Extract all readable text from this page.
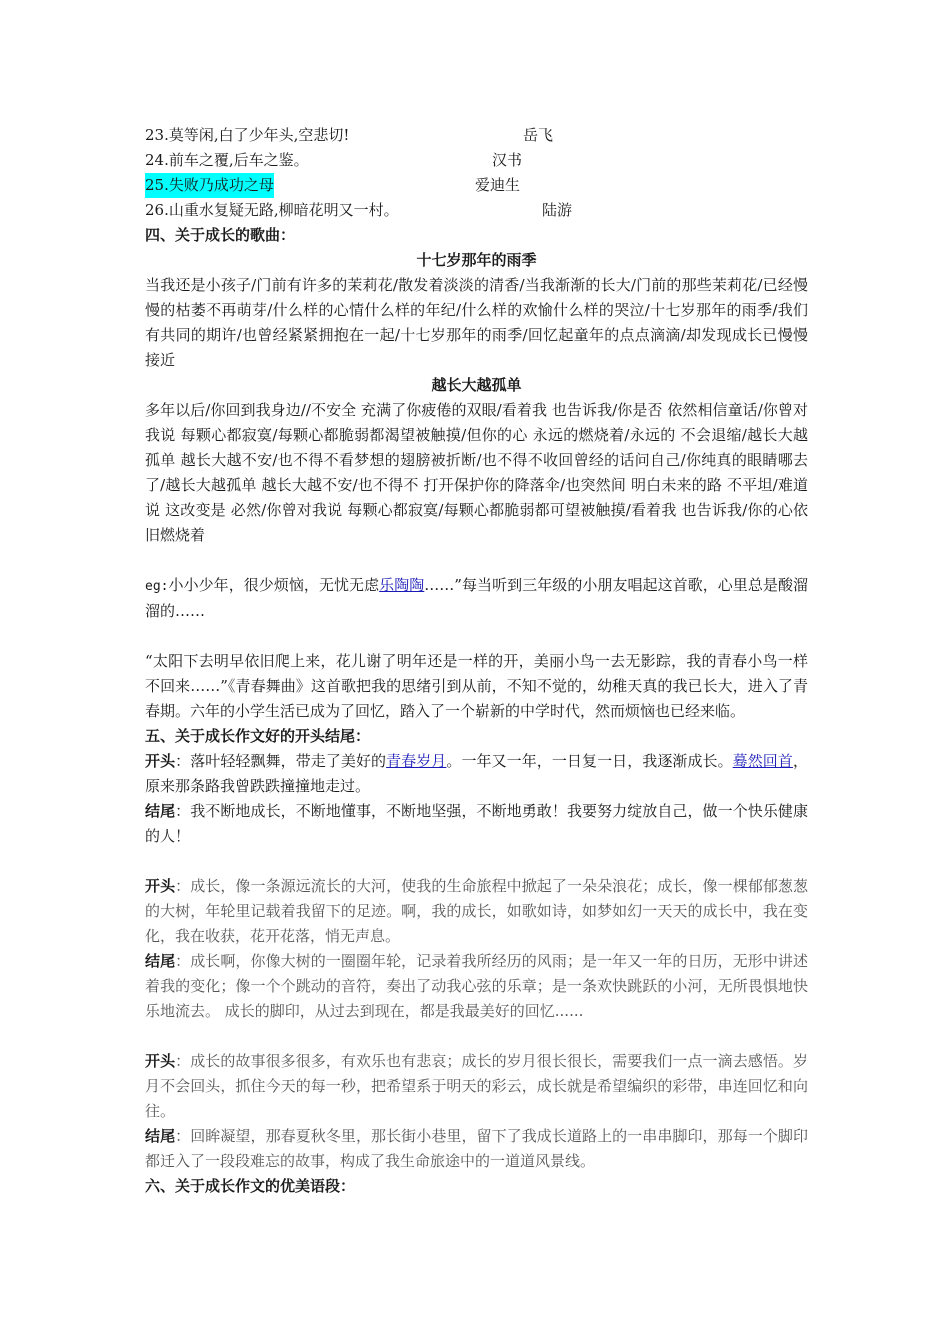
23.莫等闲,白了少年头,空悲切!	岳飞
24.前车之覆,后车之鉴。	汉书
25.失败乃成功之母	爱迪生
26.山重水复疑无路,柳暗花明又一村。	陆游
四、关于成长的歌曲：
十七岁那年的雨季
当我还是小孩子/门前有许多的茉莉花/散发着淡淡的清香/当我渐渐的长大/门前的那些茉莉花/已经慢慢的枯萎不再萌芽/什么样的心情什么样的年纪/什么样的欢愉什么样的哭泣/十七岁那年的雨季/我们有共同的期许/也曾经紧紧拥抱在一起/十七岁那年的雨季/回忆起童年的点点滴滴/却发现成长已慢慢接近
越长大越孤单
多年以后/你回到我身边//不安全 充满了你疲倦的双眼/看着我 也告诉我/你是否 依然相信童话/你曾对我说 每颗心都寂寞/每颗心都脆弱都渴望被触摸/但你的心 永远的燃烧着/永远的 不会退缩/越长大越孤单 越长大越不安/也不得不看梦想的翅膀被折断/也不得不收回曾经的话问自己/你纯真的眼睛哪去了/越长大越孤单 越长大越不安/也不得不 打开保护你的降落伞/也突然间 明白未来的路 不平坦/难道说 这改变是 必然/你曾对我说 每颗心都寂寞/每颗心都脆弱都可望被触摸/看着我 也告诉我/你的心依旧燃烧着
eg:小小少年，很少烦恼，无忧无虑乐陶陶……”每当听到三年级的小朋友唱起这首歌，心里总是酸溜溜的……
“太阳下去明早依旧爬上来，花儿谢了明年还是一样的开，美丽小鸟一去无影踪，我的青春小鸟一样不回来……”《青春舞曲》这首歌把我的思绪引到从前，不知不觉的，幼稚天真的我已长大，进入了青春期。六年的小学生活已成为了回忆，踏入了一个崭新的中学时代，然而烦恼也已经来临。
五、关于成长作文好的开头结尾：
开头：落叶轻轻飘舞，带走了美好的青春岁月。一年又一年，一日复一日，我逐渐成长。蓦然回首，原来那条路我曾跌跌撞撞地走过。
结尾：我不断地成长，不断地懂事，不断地坚强，不断地勇敢！我要努力绽放自己，做一个快乐健康的人！
开头：成长，像一条源远流长的大河，使我的生命旅程中掀起了一朵朵浪花；成长，像一棵郁郁葱葱的大树，年轮里记载着我留下的足迹。啊，我的成长，如歌如诗，如梦如幻一天天的成长中，我在变化，我在收获，花开花落，悄无声息。
结尾：成长啊，你像大树的一圈圈年轮，记录着我所经历的风雨；是一年又一年的日历，无形中讲述着我的变化；像一个个跳动的音符，奏出了动我心弦的乐章；是一条欢快跳跃的小河，无所畏惧地快乐地流去。 成长的脚印，从过去到现在，都是我最美好的回忆......
开头：成长的故事很多很多，有欢乐也有悲哀；成长的岁月很长很长，需要我们一点一滴去感悟。岁月不会回头，抓住今天的每一秒，把希望系于明天的彩云，成长就是希望编织的彩带，串连回忆和向往。
结尾：回眸凝望，那春夏秋冬里，那长街小巷里，留下了我成长道路上的一串串脚印，那每一个脚印都迁入了一段段难忘的故事，构成了我生命旅途中的一道道风景线。
六、关于成长作文的优美语段：
